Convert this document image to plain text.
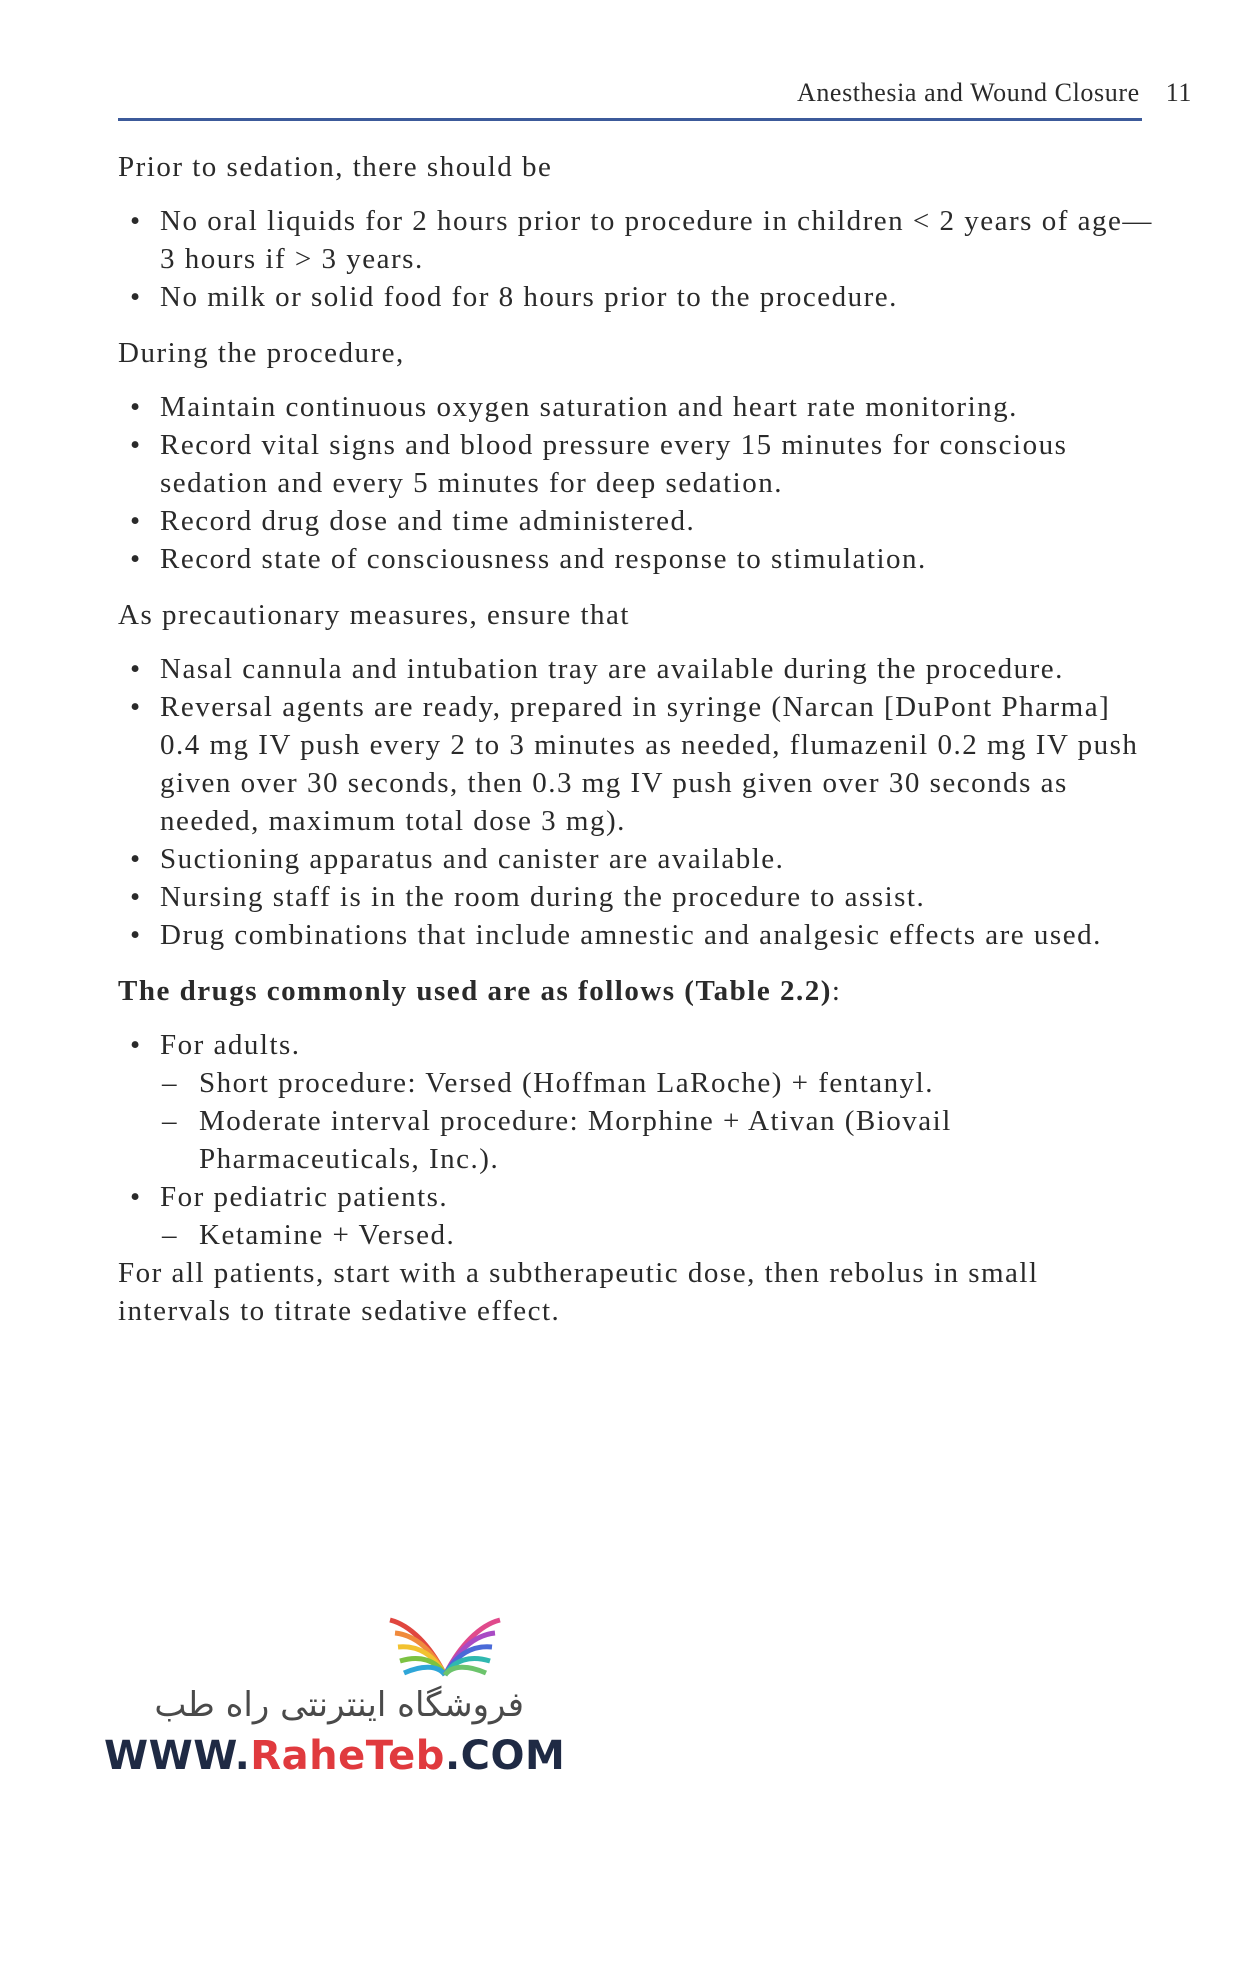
Anesthesia and Wound Closure 11

Prior to sedation, there should be

• No oral liquids for 2 hours prior to procedure in children < 2 years of age—3 hours if > 3 years.
• No milk or solid food for 8 hours prior to the procedure.

During the procedure,

• Maintain continuous oxygen saturation and heart rate monitoring.
• Record vital signs and blood pressure every 15 minutes for conscious sedation and every 5 minutes for deep sedation.
• Record drug dose and time administered.
• Record state of consciousness and response to stimulation.

As precautionary measures, ensure that

• Nasal cannula and intubation tray are available during the procedure.
• Reversal agents are ready, prepared in syringe (Narcan [DuPont Pharma] 0.4 mg IV push every 2 to 3 minutes as needed, flumazenil 0.2 mg IV push given over 30 seconds, then 0.3 mg IV push given over 30 seconds as needed, maximum total dose 3 mg).
• Suctioning apparatus and canister are available.
• Nursing staff is in the room during the procedure to assist.
• Drug combinations that include amnestic and analgesic effects are used.

The drugs commonly used are as follows (Table 2.2):

• For adults.
– Short procedure: Versed (Hoffman LaRoche) + fentanyl.
– Moderate interval procedure: Morphine + Ativan (Biovail Pharmaceuticals, Inc.).
• For pediatric patients.
– Ketamine + Versed.

For all patients, start with a subtherapeutic dose, then rebolus in small intervals to titrate sedative effect.

فروشگاه اینترنتی راه طب
WWW.RaheTeb.COM
